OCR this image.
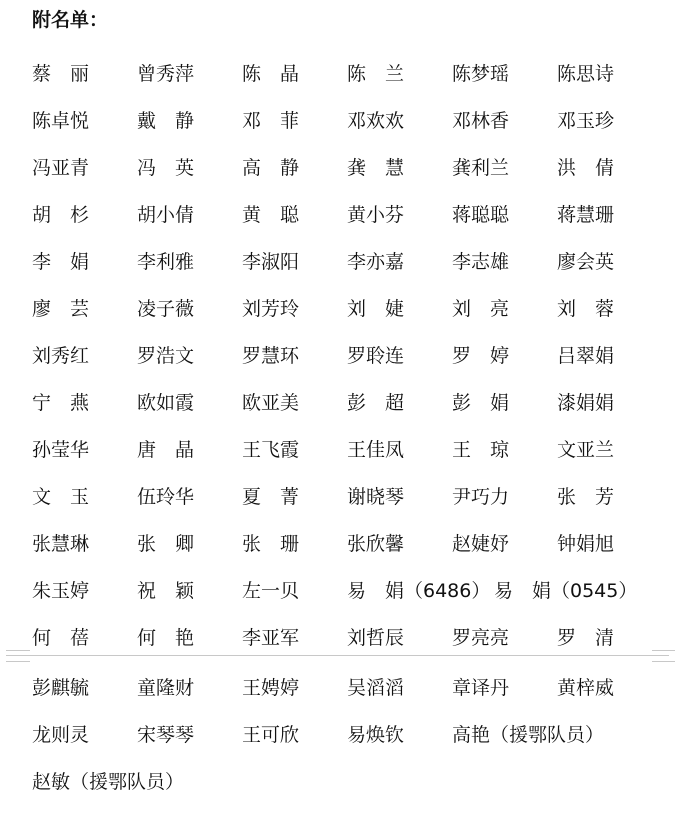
附名单：
蔡　丽	曾秀萍	陈　晶	陈　兰	陈梦瑶	陈思诗
陈卓悦	戴　静	邓　菲	邓欢欢	邓林香	邓玉珍
冯亚青	冯　英	高　静	龚　慧	龚利兰	洪　倩
胡　杉	胡小倩	黄　聪	黄小芬	蒋聪聪	蒋慧珊
李　娟	李利雅	李淑阳	李亦嘉	李志雄	廖会英
廖　芸	凌子薇	刘芳玲	刘　婕	刘　亮	刘　蓉
刘秀红	罗浩文	罗慧环	罗聆连	罗　婷	吕翠娟
宁　燕	欧如霞	欧亚美	彭　超	彭　娟	漆娟娟
孙莹华	唐　晶	王飞霞	王佳凤	王　琼	文亚兰
文　玉	伍玲华	夏　菁	谢晓琴	尹巧力	张　芳
张慧琳	张　卿	张　珊	张欣馨	赵婕妤	钟娟旭
朱玉婷	祝　颖	左一贝	易　娟（6486） 易　娟（0545）
何　蓓	何　艳	李亚军	刘哲辰	罗亮亮	罗　清
彭麒毓	童隆财	王娉婷	吴滔滔	章译丹	黄梓威
龙则灵	宋琴琴	王可欣	易焕钦	高艳（援鄂队员）
赵敏（援鄂队员）
